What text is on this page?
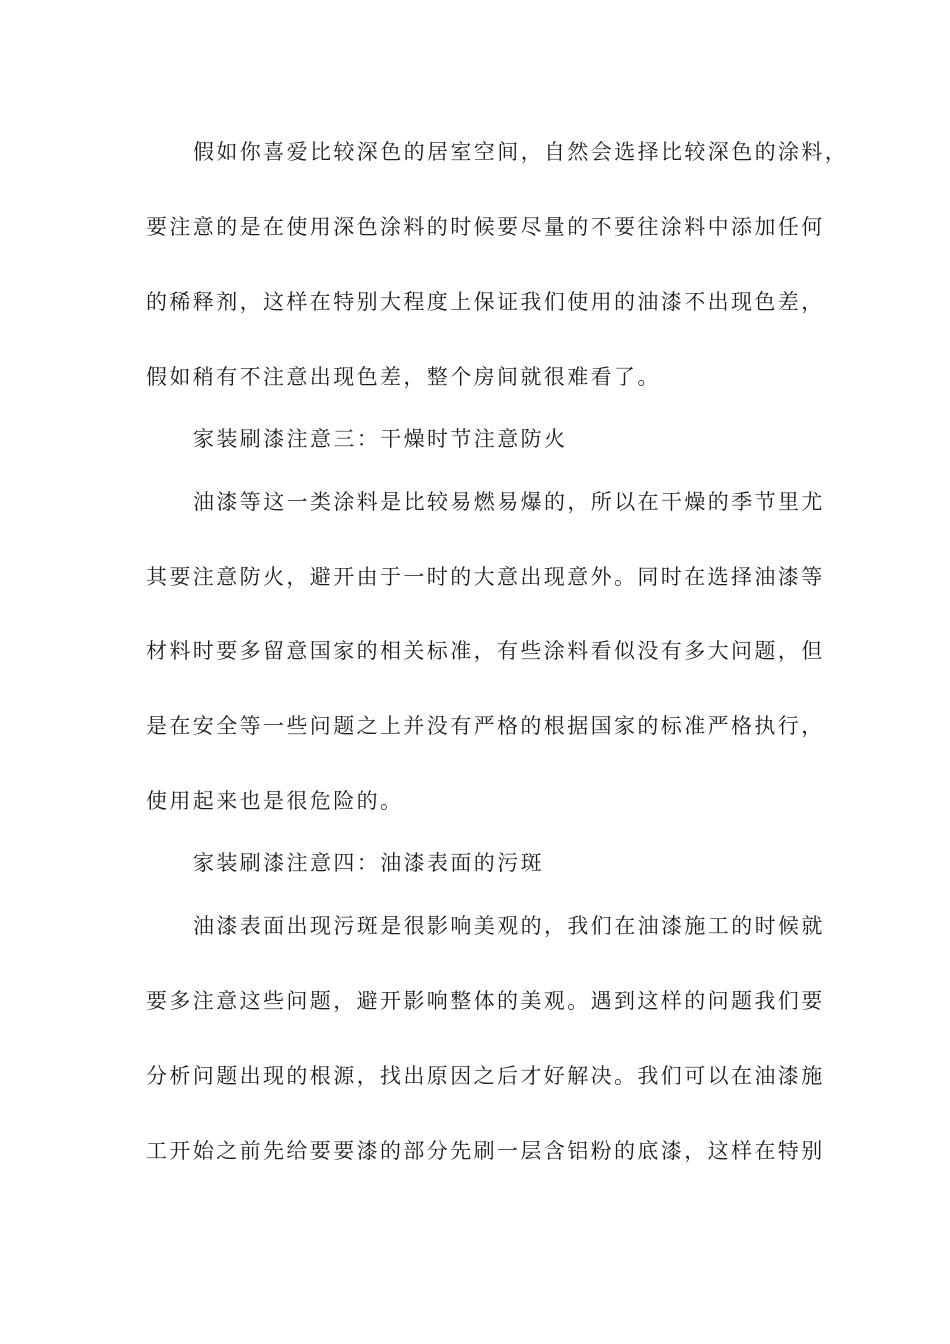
假如你喜爱比较深色的居室空间，自然会选择比较深色的涂料，
要注意的是在使用深色涂料的时候要尽量的不要往涂料中添加任何
的稀释剂，这样在特别大程度上保证我们使用的油漆不出现色差，
假如稍有不注意出现色差，整个房间就很难看了。
家装刷漆注意三：干燥时节注意防火
油漆等这一类涂料是比较易燃易爆的，所以在干燥的季节里尤
其要注意防火，避开由于一时的大意出现意外。同时在选择油漆等
材料时要多留意国家的相关标准，有些涂料看似没有多大问题，但
是在安全等一些问题之上并没有严格的根据国家的标准严格执行，
使用起来也是很危险的。
家装刷漆注意四：油漆表面的污斑
油漆表面出现污斑是很影响美观的，我们在油漆施工的时候就
要多注意这些问题，避开影响整体的美观。遇到这样的问题我们要
分析问题出现的根源，找出原因之后才好解决。我们可以在油漆施
工开始之前先给要要漆的部分先刷一层含铝粉的底漆，这样在特别
